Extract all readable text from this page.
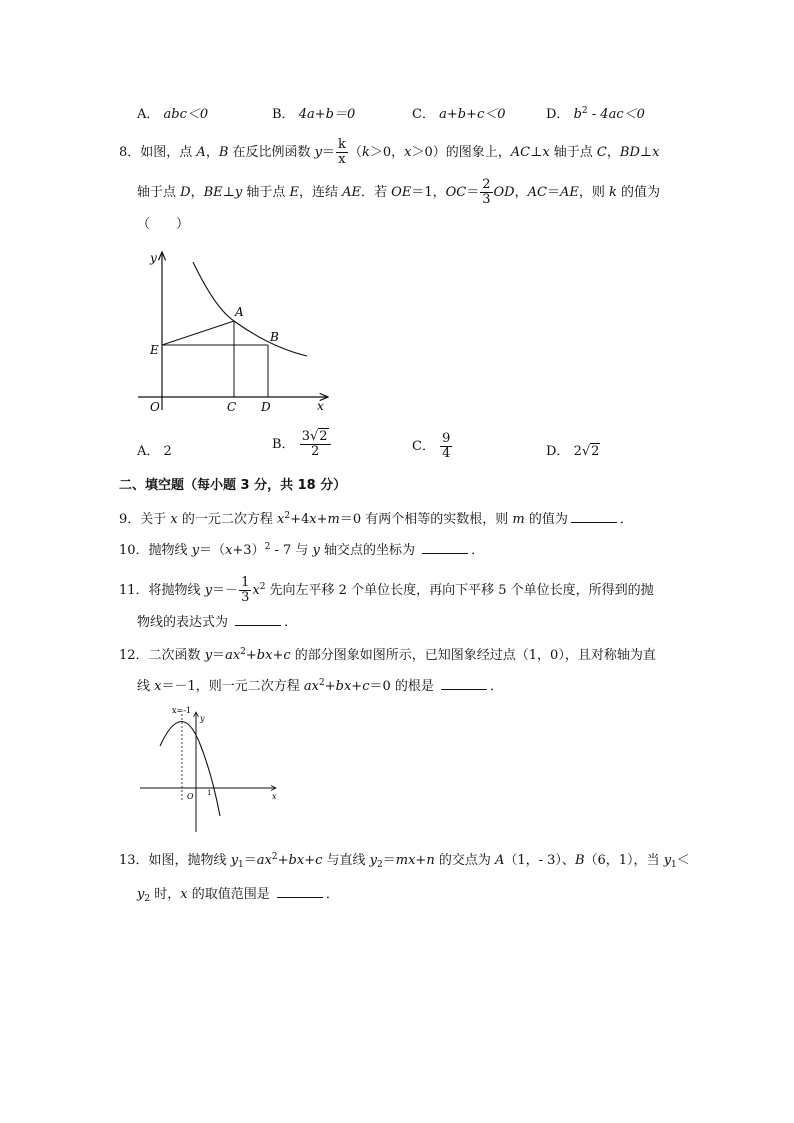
A． abc＜0	B． 4a+b＝0	C． a+b+c＜0	D． $b^2 - 4ac<0$
8．如图，点 A，B 在反比例函数 $y= \frac{k}{x} (k>0$，x＞0）的图象上，AC⊥x 轴于点 C，BD⊥x
轴于点 D，BE⊥y 轴于点 E，连结 AE．若 OE＝1，$OC= \frac{2}{3}$ OD，AC＝AE，则 k 的值为
（　　）
y
x
A
B
E
O	C D
A． 2	B． $\frac{3√2}{2}$	C． $\frac{9}{4}$	D． 2√2
二、填空题（每小题 3 分，共 18 分）
9．关于 x 的一元二次方程 $x^2+4x+m=0$ 有两个相等的实数根，则 m 的值为	．
10．抛物线 $y=(x+3)^2 - 7$ 与 y 轴交点的坐标为	．
11．将抛物线 $y=- \frac{1}{3} x^2$ 先向左平移 2 个单位长度，再向下平移 5 个单位长度，所得到的抛
物线的表达式为	．
12．二次函数 $y=ax^2+bx+c$ 的部分图象如图所示，已知图象经过点（1，0），且对称轴为直
线 x＝－1，则一元二次方程 $ax^2+bx+c=0$ 的根是	．
x=-1
y
x
O 1
13．如图，抛物线 $y_1=ax^2+bx+c$ 与直线 $y_2=mx+n$ 的交点为 A（1，- 3）、B（6，1），当 $y_1<$
$y_2$ 时，x 的取值范围是	．
